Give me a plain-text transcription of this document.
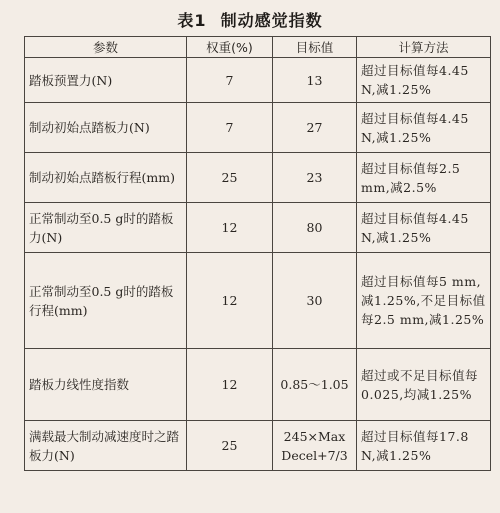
表1 制动感觉指数
参数	权重(%)	目标值	计算方法
踏板预置力(N)	7	13	超过目标值每4.45 N,减1.25%
制动初始点踏板力(N)	7	27	超过目标值每4.45 N,减1.25%
制动初始点踏板行程(mm)	25	23	超过目标值每2.5 mm,减2.5%
正常制动至0.5 g时的踏板力(N)	12	80	超过目标值每4.45 N,减1.25%
正常制动至0.5 g时的踏板行程(mm)	12	30	超过目标值每5 mm,减1.25%,不足目标值每2.5 mm,减1.25%
踏板力线性度指数	12	0.85～1.05	超过或不足目标值每0.025,均减1.25%
满载最大制动减速度时之踏板力(N)	25	245×Max Decel+7/3	超过目标值每17.8 N,减1.25%
